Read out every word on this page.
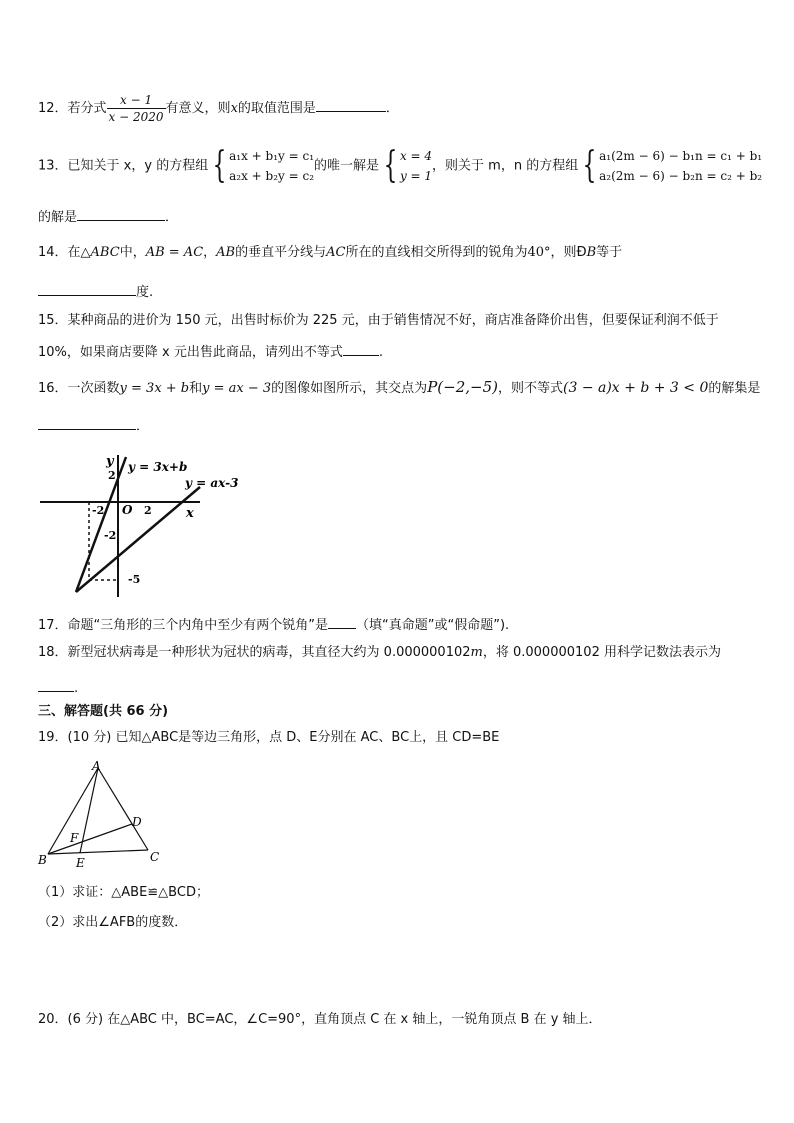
12．若分式 $\frac{x - 1}{x - 2020}$ 有意义，则x的取值范围是	．
13．已知关于 x，y 的方程组 { a₁x + b₁y = c₁
a₂x + b₂y = c₂
的唯一解是 { x = 4
y = 1
，则关于 m，n 的方程组 { a₁(2m − 6) − b₁n = c₁ + b₁
a₂(2m − 6) − b₂n = c₂ + b₂
的解是	．
14．在△ABC中，AB = AC，AB的垂直平分线与AC所在的直线相交所得到的锐角为40°，则ÐB等于
度.
15．某种商品的进价为 150 元，出售时标价为 225 元，由于销售情况不好，商店准备降价出售，但要保证利润不低于
10%，如果商店要降 x 元出售此商品，请列出不等式	.
16．一次函数y = 3x + b和y = ax − 3的图像如图所示，其交点为P(−2,−5)，则不等式(3 − a)x + b + 3 < 0的解集是
．
y
x
O
y = 3x+b
y = ax-3
2
-2	2
-2
-5
17．命题“三角形的三个内角中至少有两个锐角”是 （填“真命题”或“假命题”).
18．新型冠状病毒是一种形状为冠状的病毒，其直径大约为 0.000000102m，将 0.000000102 用科学记数法表示为
.
三、解答题(共 66 分)
19．(10 分) 已知△ABC是等边三角形，点 D、E分别在 AC、BC上，且 CD=BE
A
B	C
D
E
F
（1）求证：△ABE≌△BCD；
（2）求出∠AFB的度数．
20．(6 分) 在△ABC 中，BC=AC，∠C=90°，直角顶点 C 在 x 轴上，一锐角顶点 B 在 y 轴上．
